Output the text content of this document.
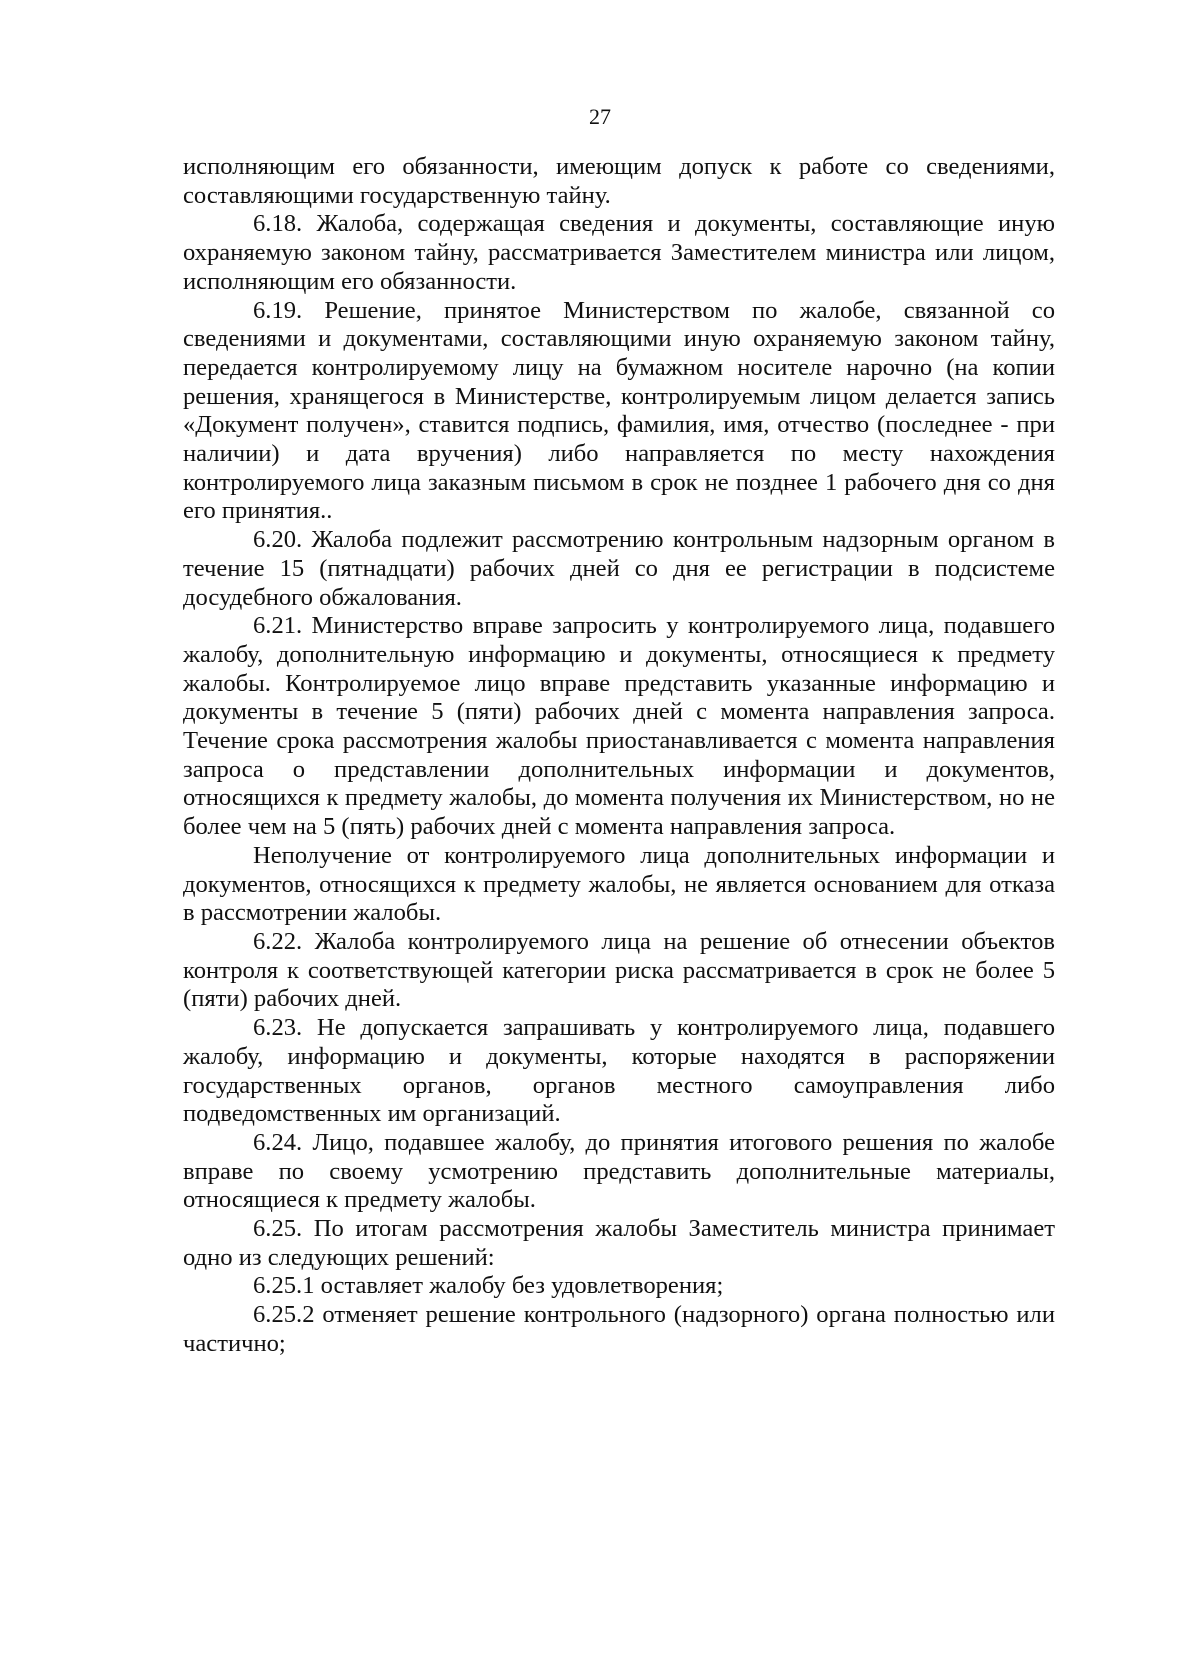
27

исполняющим его обязанности, имеющим допуск к работе со сведениями, составляющими государственную тайну.

6.18. Жалоба, содержащая сведения и документы, составляющие иную охраняемую законом тайну, рассматривается Заместителем министра или лицом, исполняющим его обязанности.

6.19. Решение, принятое Министерством по жалобе, связанной со сведениями и документами, составляющими иную охраняемую законом тайну, передается контролируемому лицу на бумажном носителе нарочно (на копии решения, хранящегося в Министерстве, контролируемым лицом делается запись «Документ получен», ставится подпись, фамилия, имя, отчество (последнее - при наличии) и дата вручения) либо направляется по месту нахождения контролируемого лица заказным письмом в срок не позднее 1 рабочего дня со дня его принятия..

6.20. Жалоба подлежит рассмотрению контрольным надзорным органом в течение 15 (пятнадцати) рабочих дней со дня ее регистрации в подсистеме досудебного обжалования.

6.21. Министерство вправе запросить у контролируемого лица, подавшего жалобу, дополнительную информацию и документы, относящиеся к предмету жалобы. Контролируемое лицо вправе представить указанные информацию и документы в течение 5 (пяти) рабочих дней с момента направления запроса. Течение срока рассмотрения жалобы приостанавливается с момента направления запроса о представлении дополнительных информации и документов, относящихся к предмету жалобы, до момента получения их Министерством, но не более чем на 5 (пять) рабочих дней с момента направления запроса.

Неполучение от контролируемого лица дополнительных информации и документов, относящихся к предмету жалобы, не является основанием для отказа в рассмотрении жалобы.

6.22. Жалоба контролируемого лица на решение об отнесении объектов контроля к соответствующей категории риска рассматривается в срок не более 5 (пяти) рабочих дней.

6.23. Не допускается запрашивать у контролируемого лица, подавшего жалобу, информацию и документы, которые находятся в распоряжении государственных органов, органов местного самоуправления либо подведомственных им организаций.

6.24. Лицо, подавшее жалобу, до принятия итогового решения по жалобе вправе по своему усмотрению представить дополнительные материалы, относящиеся к предмету жалобы.

6.25. По итогам рассмотрения жалобы Заместитель министра принимает одно из следующих решений:

6.25.1 оставляет жалобу без удовлетворения;

6.25.2 отменяет решение контрольного (надзорного) органа полностью или частично;
